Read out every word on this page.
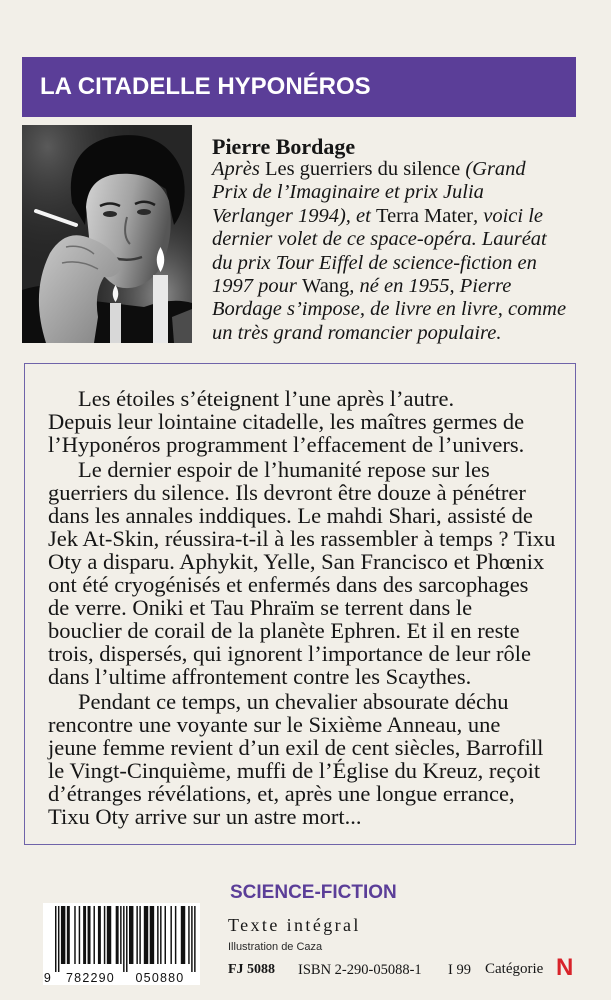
LA CITADELLE HYPONÉROS
Pierre Bordage
Après Les guerriers du silence (Grand
Prix de l’Imaginaire et prix Julia
Verlanger 1994), et Terra Mater, voici le
dernier volet de ce space-opéra. Lauréat
du prix Tour Eiffel de science-fiction en
1997 pour Wang, né en 1955, Pierre
Bordage s’impose, de livre en livre, comme
un très grand romancier populaire.
Les étoiles s’éteignent l’une après l’autre.
Depuis leur lointaine citadelle, les maîtres germes de
l’Hyponéros programment l’effacement de l’univers.
Le dernier espoir de l’humanité repose sur les
guerriers du silence. Ils devront être douze à pénétrer
dans les annales inddiques. Le mahdi Shari, assisté de
Jek At-Skin, réussira-t-il à les rassembler à temps ? Tixu
Oty a disparu. Aphykit, Yelle, San Francisco et Phœnix
ont été cryogénisés et enfermés dans des sarcophages
de verre. Oniki et Tau Phraïm se terrent dans le
bouclier de corail de la planète Ephren. Et il en reste
trois, dispersés, qui ignorent l’importance de leur rôle
dans l’ultime affrontement contre les Scaythes.
Pendant ce temps, un chevalier absourate déchu
rencontre une voyante sur le Sixième Anneau, une
jeune femme revient d’un exil de cent siècles, Barrofill
le Vingt-Cinquième, muffi de l’Église du Kreuz, reçoit
d’étranges révélations, et, après une longue errance,
Tixu Oty arrive sur un astre mort...
SCIENCE-FICTION
9 782290 050880
Texte intégral
Illustration de Caza
FJ 5088 ISBN 2-290-05088-1 I 99 Catégorie N
